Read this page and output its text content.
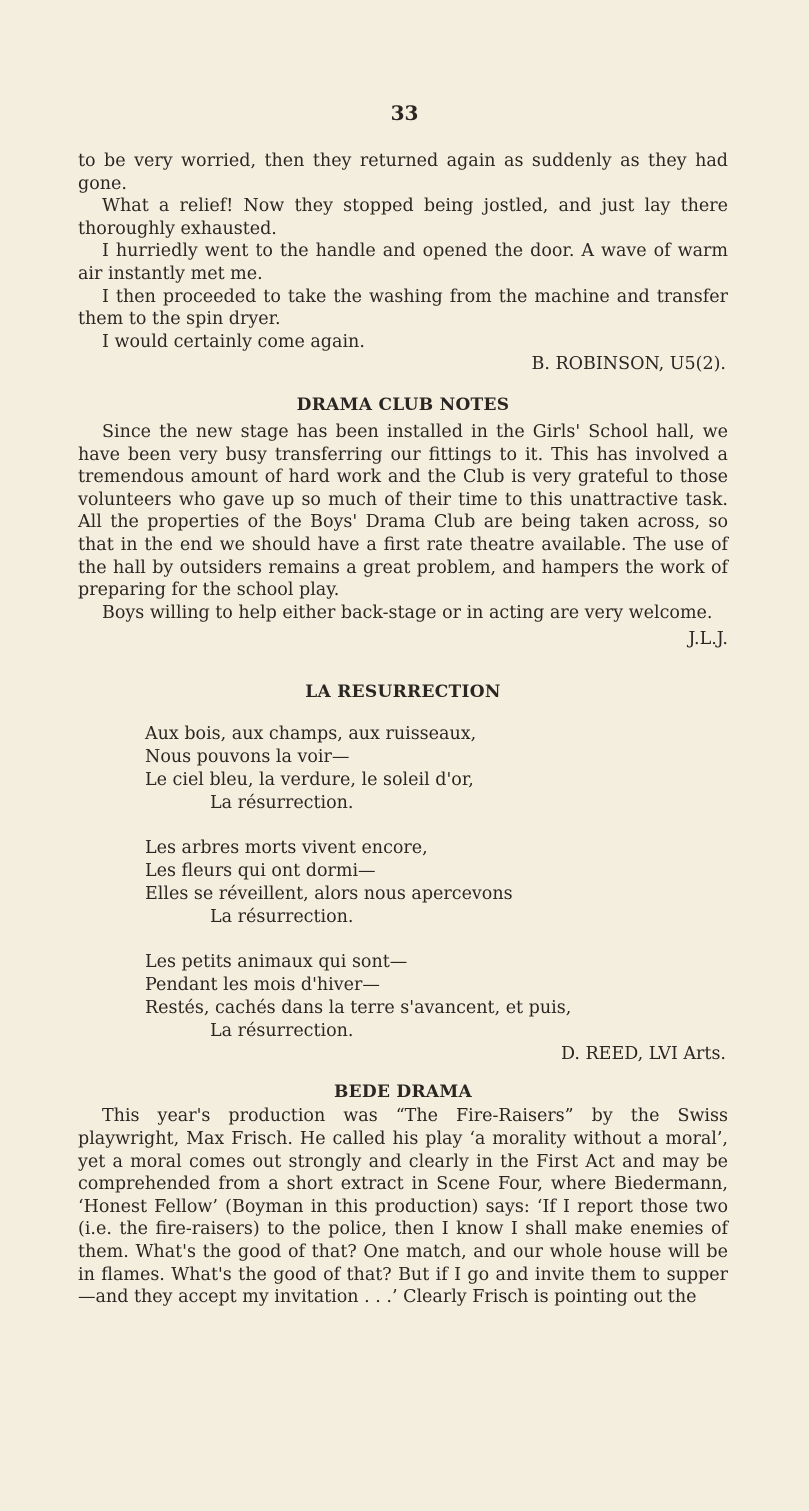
33

to be very worried, then they returned again as suddenly as they had gone.

What a relief! Now they stopped being jostled, and just lay there thoroughly exhausted.

I hurriedly went to the handle and opened the door. A wave of warm air instantly met me.

I then proceeded to take the washing from the machine and transfer them to the spin dryer.

I would certainly come again.

B. ROBINSON, U5(2).

DRAMA CLUB NOTES

Since the new stage has been installed in the Girls' School hall, we have been very busy transferring our fittings to it. This has involved a tremendous amount of hard work and the Club is very grateful to those volunteers who gave up so much of their time to this unattractive task. All the properties of the Boys' Drama Club are being taken across, so that in the end we should have a first rate theatre available. The use of the hall by outsiders remains a great problem, and hampers the work of preparing for the school play.

Boys willing to help either back-stage or in acting are very welcome.

J.L.J.

LA RESURRECTION
Aux bois, aux champs, aux ruisseaux,
Nous pouvons la voir—
Le ciel bleu, la verdure, le soleil d'or,
La résurrection.
Les arbres morts vivent encore,
Les fleurs qui ont dormi—
Elles se réveillent, alors nous apercevons
La résurrection.
Les petits animaux qui sont—
Pendant les mois d'hiver—
Restés, cachés dans la terre s'avancent, et puis,
La résurrection.

D. REED, LVI Arts.

BEDE DRAMA

This year's production was “The Fire-Raisers” by the Swiss playwright, Max Frisch. He called his play ‘a morality without a moral’, yet a moral comes out strongly and clearly in the First Act and may be comprehended from a short extract in Scene Four, where Biedermann, ‘Honest Fellow’ (Boyman in this production) says: ‘If I report those two (i.e. the fire-raisers) to the police, then I know I shall make enemies of them. What's the good of that? One match, and our whole house will be in flames. What's the good of that? But if I go and invite them to supper—and they accept my invitation . . .’ Clearly Frisch is pointing out the
